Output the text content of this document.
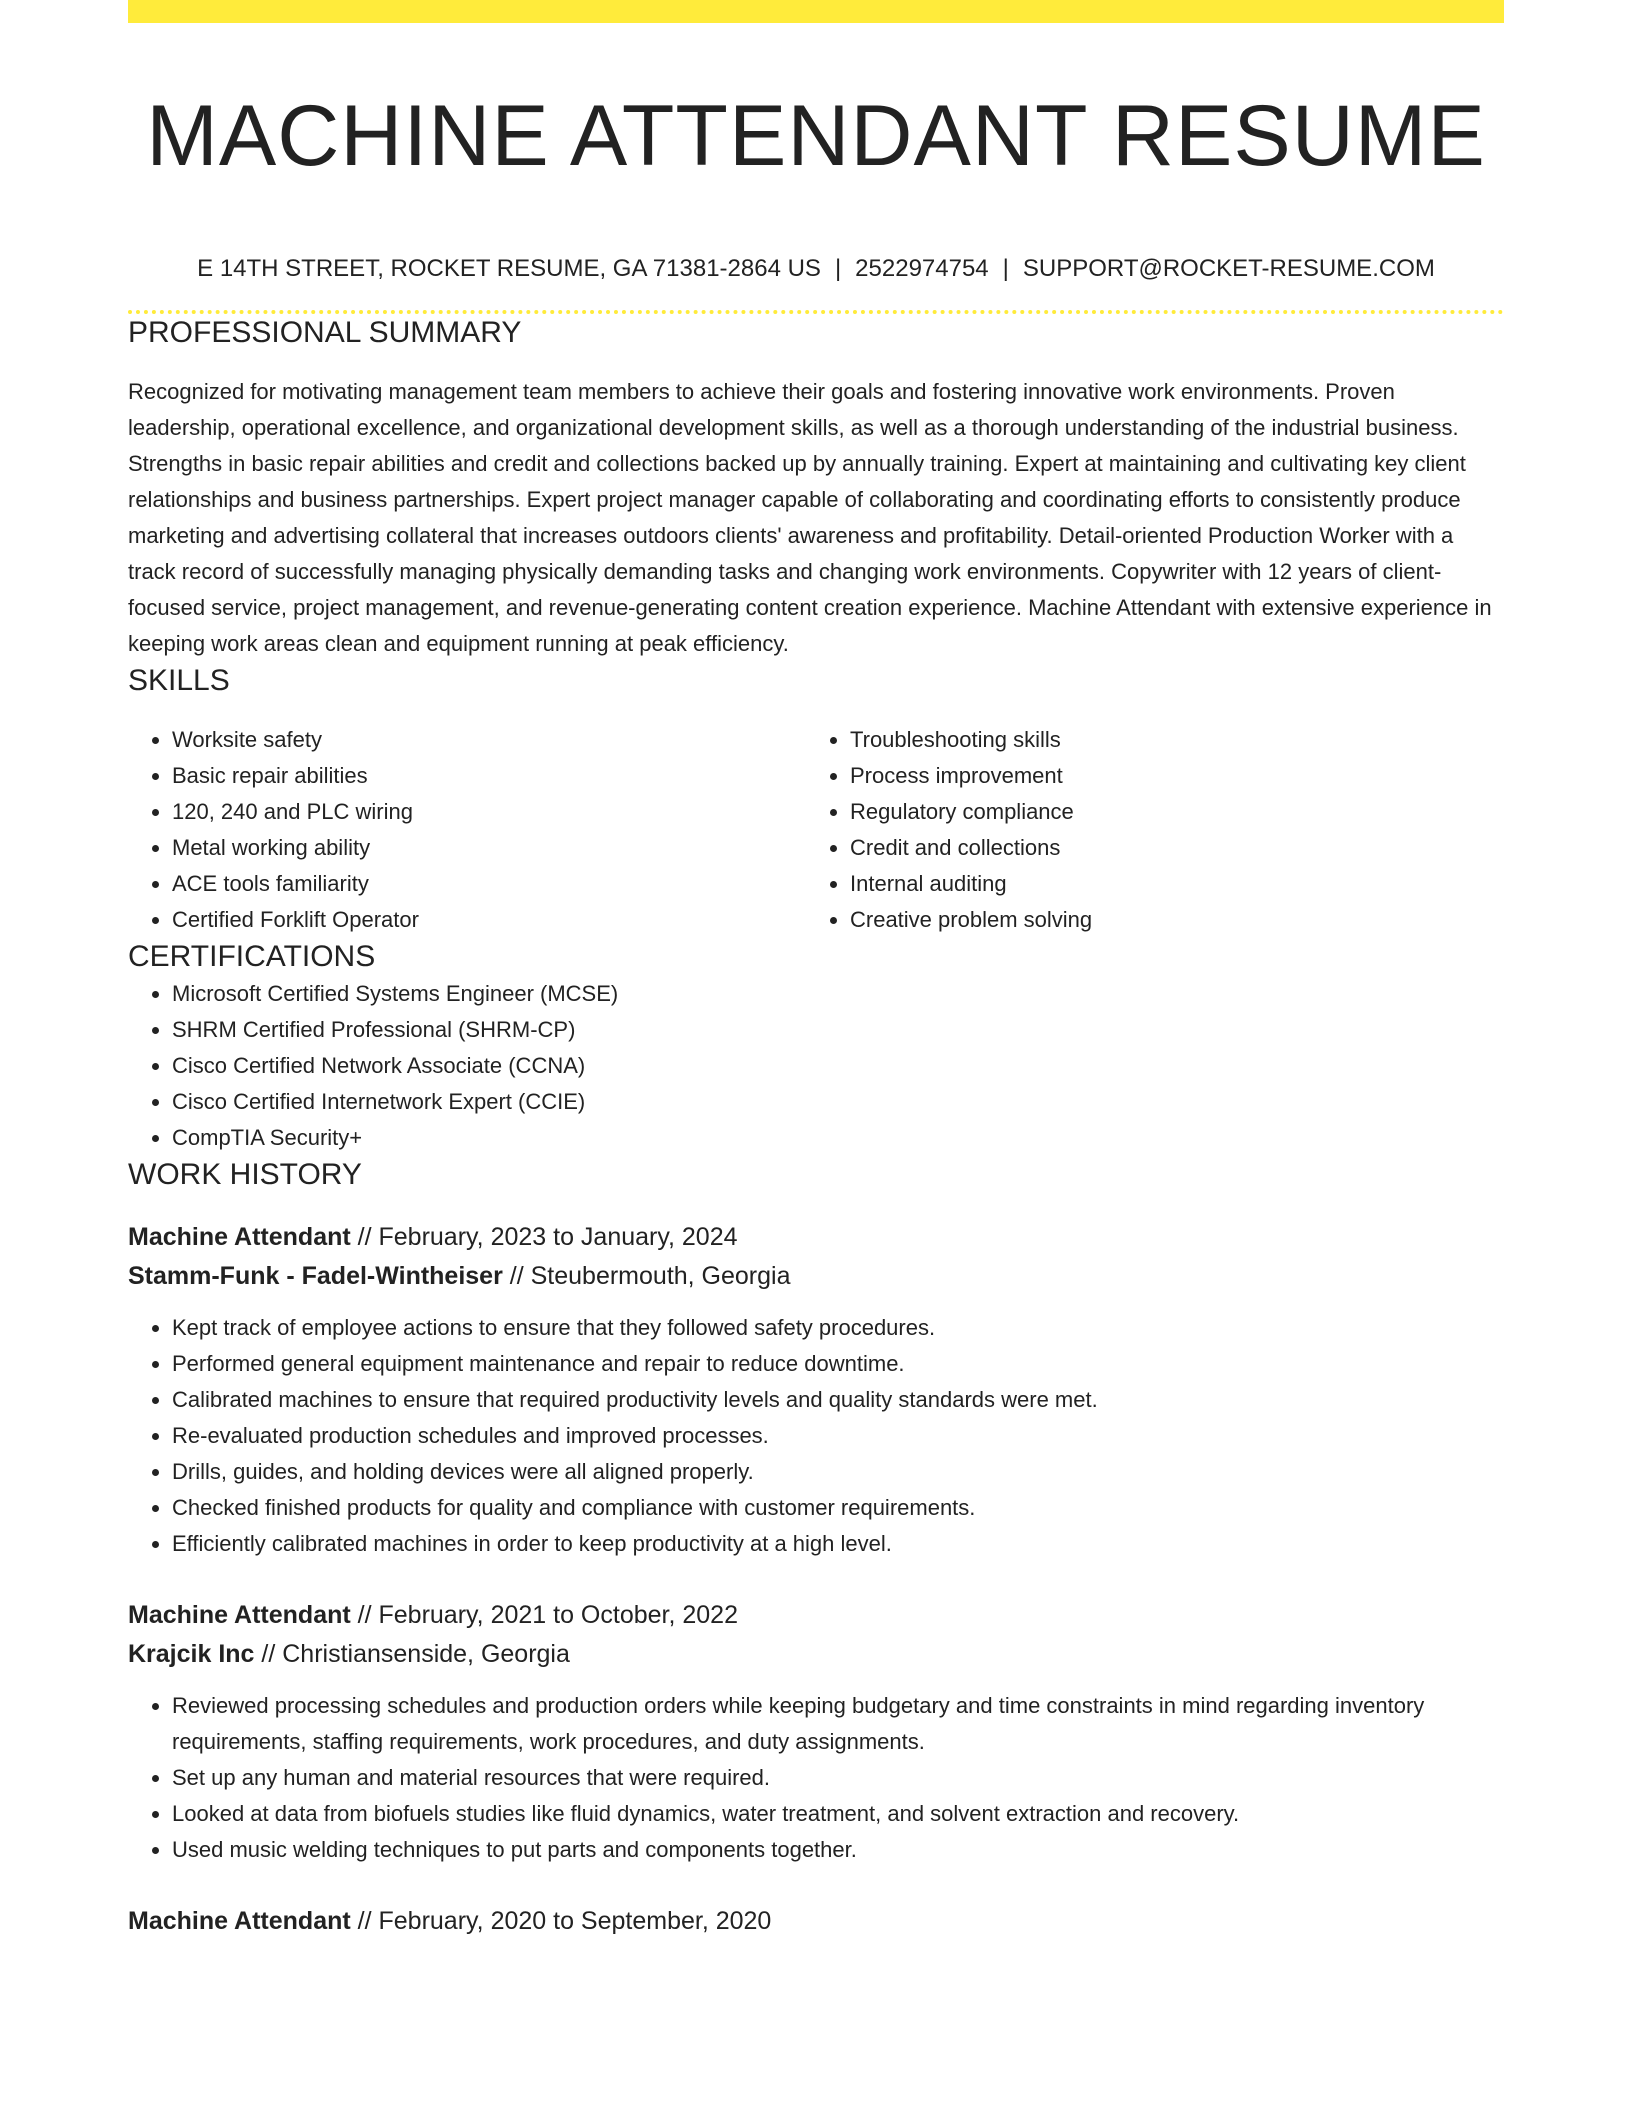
MACHINE ATTENDANT RESUME
E 14TH STREET, ROCKET RESUME, GA 71381-2864 US | 2522974754 | SUPPORT@ROCKET-RESUME.COM
PROFESSIONAL SUMMARY

Recognized for motivating management team members to achieve their goals and fostering innovative work environments. Proven leadership, operational excellence, and organizational development skills, as well as a thorough understanding of the industrial business. Strengths in basic repair abilities and credit and collections backed up by annually training. Expert at maintaining and cultivating key client relationships and business partnerships. Expert project manager capable of collaborating and coordinating efforts to consistently produce marketing and advertising collateral that increases outdoors clients' awareness and profitability. Detail-oriented Production Worker with a track record of successfully managing physically demanding tasks and changing work environments. Copywriter with 12 years of client-focused service, project management, and revenue-generating content creation experience. Machine Attendant with extensive experience in keeping work areas clean and equipment running at peak efficiency.

SKILLS
• Worksite safety
• Basic repair abilities
• 120, 240 and PLC wiring
• Metal working ability
• ACE tools familiarity
• Certified Forklift Operator
• Troubleshooting skills
• Process improvement
• Regulatory compliance
• Credit and collections
• Internal auditing
• Creative problem solving
CERTIFICATIONS
• Microsoft Certified Systems Engineer (MCSE)
• SHRM Certified Professional (SHRM-CP)
• Cisco Certified Network Associate (CCNA)
• Cisco Certified Internetwork Expert (CCIE)
• CompTIA Security+
WORK HISTORY
Machine Attendant // February, 2023 to January, 2024
Stamm-Funk - Fadel-Wintheiser // Steubermouth, Georgia
• Kept track of employee actions to ensure that they followed safety procedures.
• Performed general equipment maintenance and repair to reduce downtime.
• Calibrated machines to ensure that required productivity levels and quality standards were met.
• Re-evaluated production schedules and improved processes.
• Drills, guides, and holding devices were all aligned properly.
• Checked finished products for quality and compliance with customer requirements.
• Efficiently calibrated machines in order to keep productivity at a high level.
Machine Attendant // February, 2021 to October, 2022
Krajcik Inc // Christiansenside, Georgia
• Reviewed processing schedules and production orders while keeping budgetary and time constraints in mind regarding inventory requirements, staffing requirements, work procedures, and duty assignments.
• Set up any human and material resources that were required.
• Looked at data from biofuels studies like fluid dynamics, water treatment, and solvent extraction and recovery.
• Used music welding techniques to put parts and components together.
Machine Attendant // February, 2020 to September, 2020
